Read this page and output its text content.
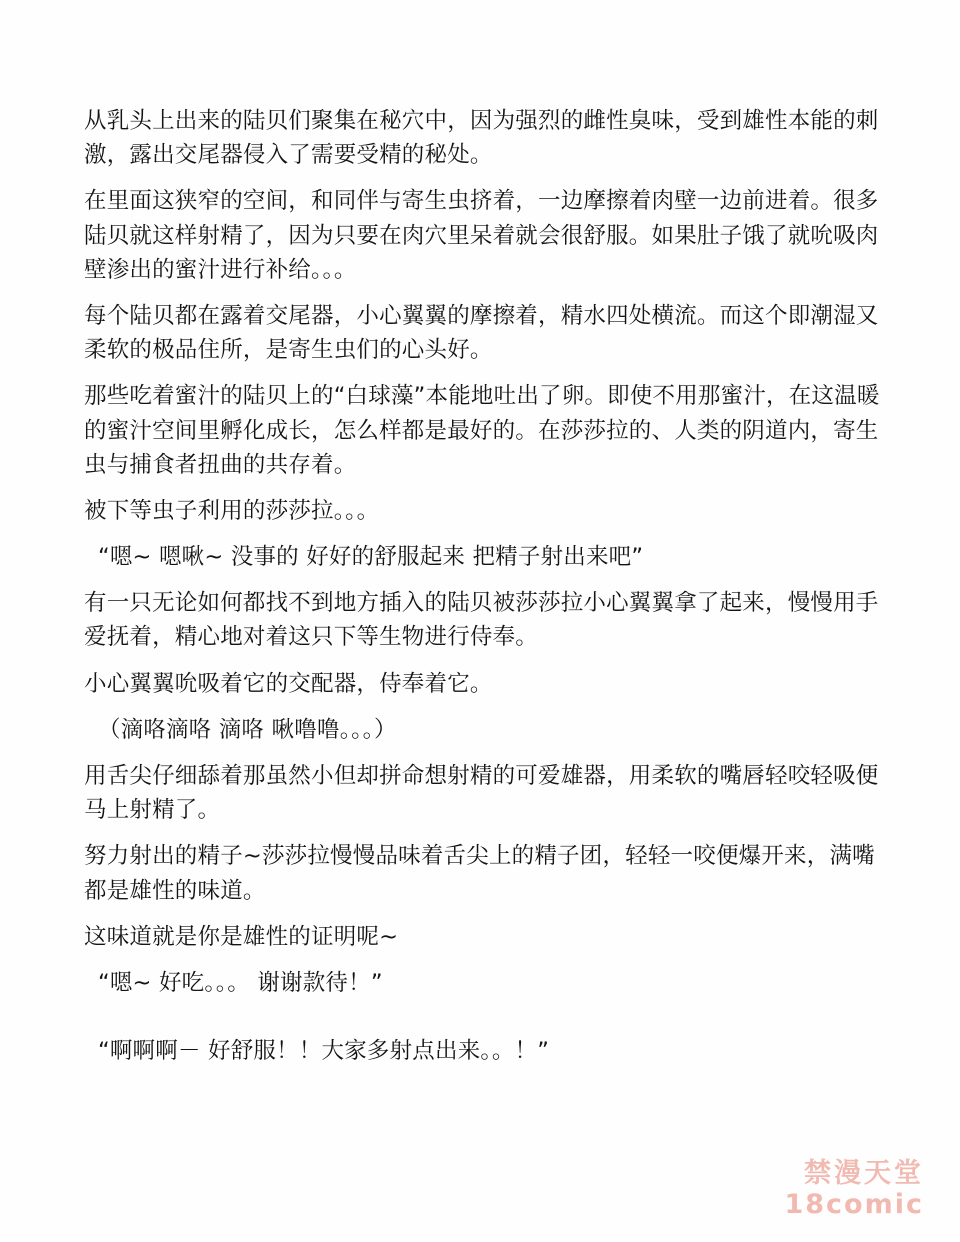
从乳头上出来的陆贝们聚集在秘穴中，因为强烈的雌性臭味，受到雄性本能的刺激，露出交尾器侵入了需要受精的秘处。

在里面这狭窄的空间，和同伴与寄生虫挤着，一边摩擦着肉壁一边前进着。很多陆贝就这样射精了，因为只要在肉穴里呆着就会很舒服。如果肚子饿了就吮吸肉壁渗出的蜜汁进行补给。。。

每个陆贝都在露着交尾器，小心翼翼的摩擦着，精水四处横流。而这个即潮湿又柔软的极品住所，是寄生虫们的心头好。

那些吃着蜜汁的陆贝上的“白球藻”本能地吐出了卵。即使不用那蜜汁，在这温暖的蜜汁空间里孵化成长，怎么样都是最好的。在莎莎拉的、人类的阴道内，寄生虫与捕食者扭曲的共存着。

被下等虫子利用的莎莎拉。。。

“嗯~ 嗯啾~ 没事的 好好的舒服起来 把精子射出来吧”

有一只无论如何都找不到地方插入的陆贝被莎莎拉小心翼翼拿了起来，慢慢用手爱抚着，精心地对着这只下等生物进行侍奉。

小心翼翼吮吸着它的交配器，侍奉着它。

（滴咯滴咯 滴咯 啾噜噜。。。）

用舌尖仔细舔着那虽然小但却拼命想射精的可爱雄器，用柔软的嘴唇轻咬轻吸便马上射精了。

努力射出的精子~莎莎拉慢慢品味着舌尖上的精子团，轻轻一咬便爆开来，满嘴都是雄性的味道。

这味道就是你是雄性的证明呢~

“嗯~ 好吃。。。 谢谢款待！”

“啊啊啊－ 好舒服！！大家多射点出来。。！”

禁漫天堂
18comic
